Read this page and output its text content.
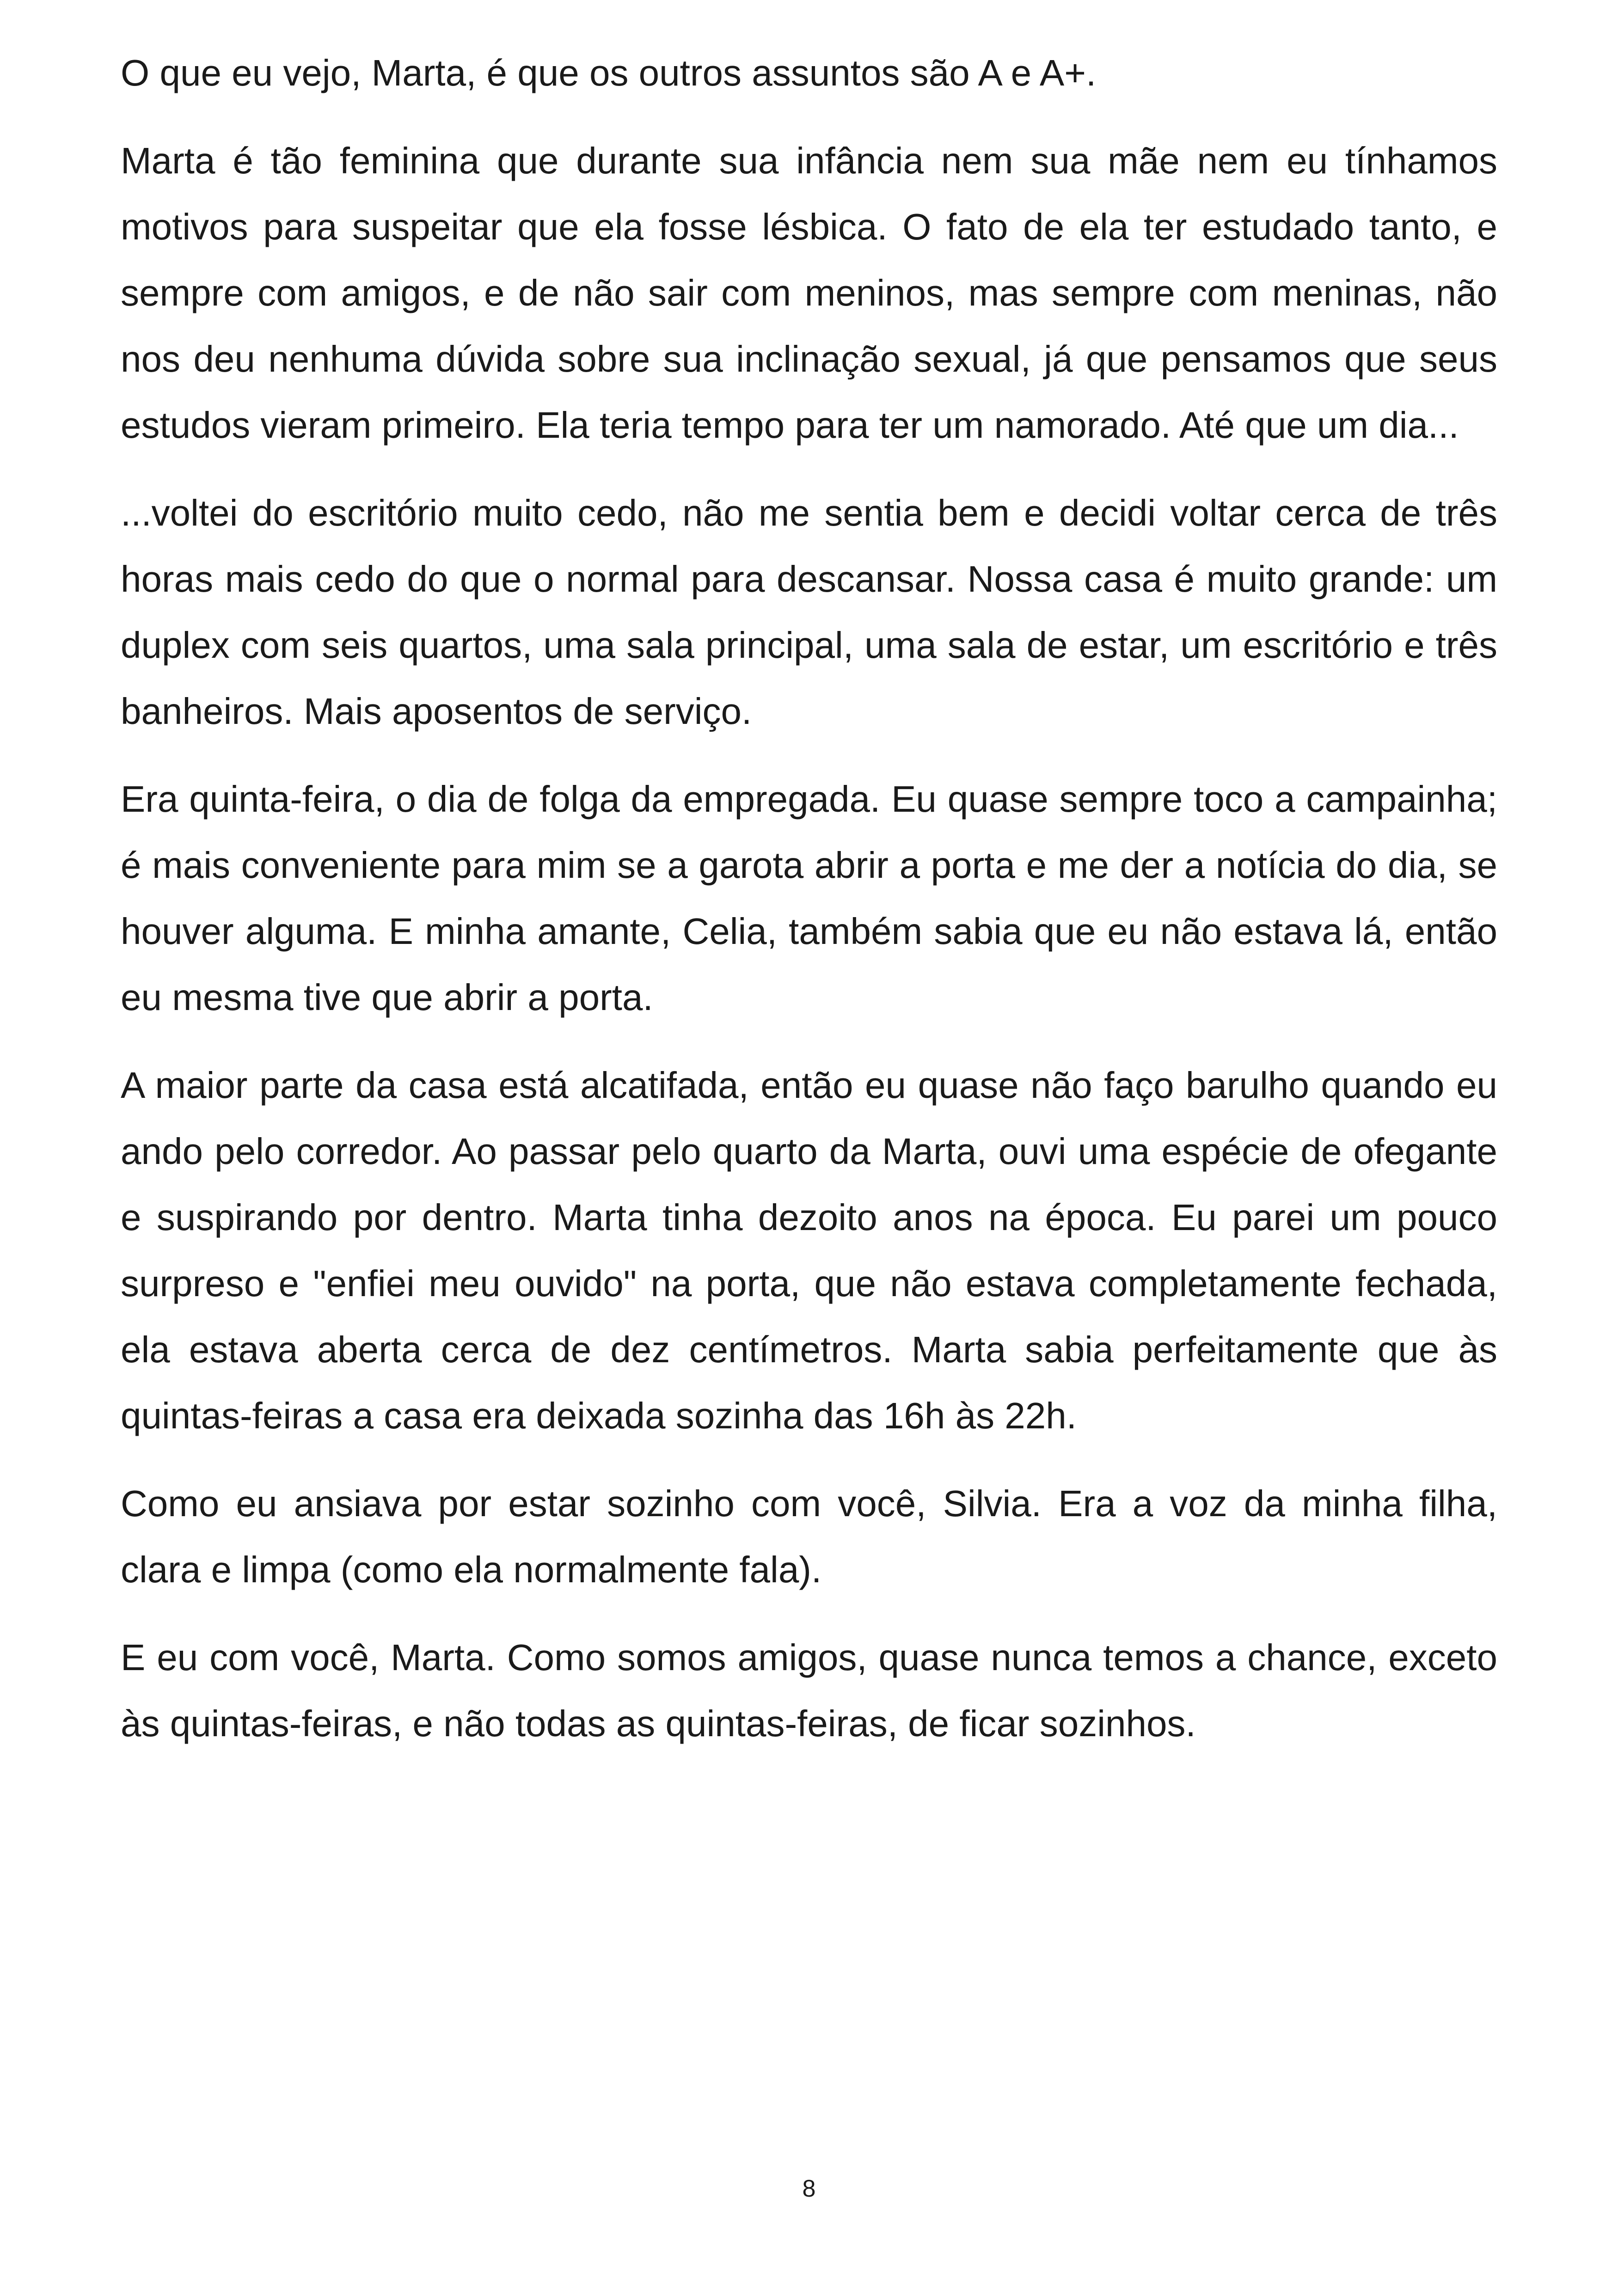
O que eu vejo, Marta, é que os outros assuntos são A e A+.

Marta é tão feminina que durante sua infância nem sua mãe nem eu tínhamos motivos para suspeitar que ela fosse lésbica. O fato de ela ter estudado tanto, e sempre com amigos, e de não sair com meninos, mas sempre com meninas, não nos deu nenhuma dúvida sobre sua inclinação sexual, já que pensamos que seus estudos vieram primeiro. Ela teria tempo para ter um namorado. Até que um dia...

...voltei do escritório muito cedo, não me sentia bem e decidi voltar cerca de três horas mais cedo do que o normal para descansar. Nossa casa é muito grande: um duplex com seis quartos, uma sala principal, uma sala de estar, um escritório e três banheiros. Mais aposentos de serviço.

Era quinta-feira, o dia de folga da empregada. Eu quase sempre toco a campainha; é mais conveniente para mim se a garota abrir a porta e me der a notícia do dia, se houver alguma. E minha amante, Celia, também sabia que eu não estava lá, então eu mesma tive que abrir a porta.

A maior parte da casa está alcatifada, então eu quase não faço barulho quando eu ando pelo corredor. Ao passar pelo quarto da Marta, ouvi uma espécie de ofegante e suspirando por dentro. Marta tinha dezoito anos na época. Eu parei um pouco surpreso e "enfiei meu ouvido" na porta, que não estava completamente fechada, ela estava aberta cerca de dez centímetros. Marta sabia perfeitamente que às quintas-feiras a casa era deixada sozinha das 16h às 22h.

Como eu ansiava por estar sozinho com você, Silvia. Era a voz da minha filha, clara e limpa (como ela normalmente fala).

E eu com você, Marta. Como somos amigos, quase nunca temos a chance, exceto às quintas-feiras, e não todas as quintas-feiras, de ficar sozinhos.

8
